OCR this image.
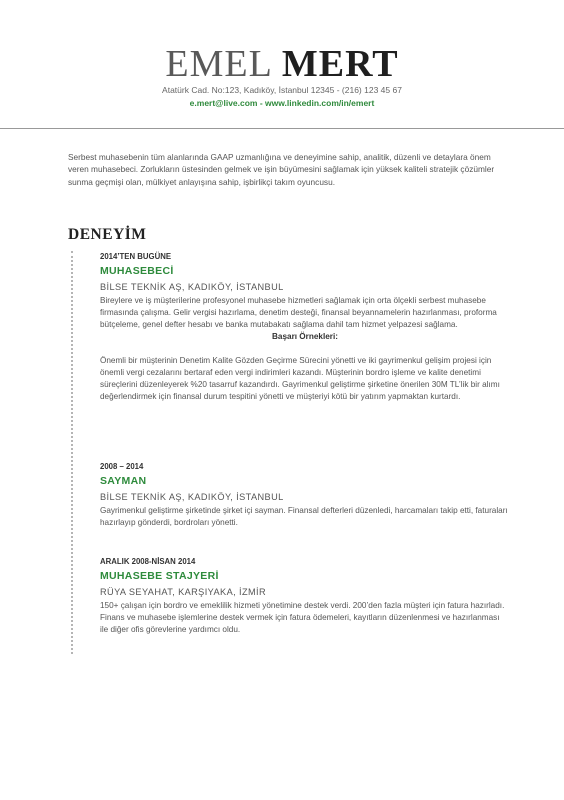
EMEL MERT
Atatürk Cad. No:123, Kadıköy, İstanbul 12345 - (216) 123 45 67
e.mert@live.com - www.linkedin.com/in/emert
Serbest muhasebenin tüm alanlarında GAAP uzmanlığına ve deneyimine sahip, analitik, düzenli ve detaylara önem veren muhasebeci. Zorlukların üstesinden gelmek ve işin büyümesini sağlamak için yüksek kaliteli stratejik çözümler sunma geçmişi olan, mülkiyet anlayışına sahip, işbirlikçi takım oyuncusu.
DENEYİM
2014’TEN BUGÜNE
MUHASEBECİ
BİLSE TEKNİK AŞ, KADIKÖY, İSTANBUL
Bireylere ve iş müşterilerine profesyonel muhasebe hizmetleri sağlamak için orta ölçekli serbest muhasebe firmasında çalışma. Gelir vergisi hazırlama, denetim desteği, finansal beyannamelerin hazırlanması, proforma bütçeleme, genel defter hesabı ve banka mutabakatı sağlama dahil tam hizmet yelpazesi sağlama.
Başarı Örnekleri:
Önemli bir müşterinin Denetim Kalite Gözden Geçirme Sürecini yönetti ve iki gayrimenkul gelişim projesi için önemli vergi cezalarını bertaraf eden vergi indirimleri kazandı. Müşterinin bordro işleme ve kalite denetimi süreçlerini düzenleyerek %20 tasarruf kazandırdı. Gayrimenkul geliştirme şirketine önerilen 30M TL’lik bir alımı değerlendirmek için finansal durum tespitini yönetti ve müşteriyi kötü bir yatırım yapmaktan kurtardı.
2008 – 2014
SAYMAN
BİLSE TEKNİK AŞ, KADIKÖY, İSTANBUL
Gayrimenkul geliştirme şirketinde şirket içi sayman. Finansal defterleri düzenledi, harcamaları takip etti, faturaları hazırlayıp gönderdi, bordroları yönetti.
ARALIK 2008-NİSAN 2014
MUHASEBE STAJYERİ
RÜYA SEYAHAT, KARŞIYAKA, İZMİR
150+ çalışan için bordro ve emeklilik hizmeti yönetimine destek verdi. 200’den fazla müşteri için fatura hazırladı. Finans ve muhasebe işlemlerine destek vermek için fatura ödemeleri, kayıtların düzenlenmesi ve hazırlanması ile diğer ofis görevlerine yardımcı oldu.
